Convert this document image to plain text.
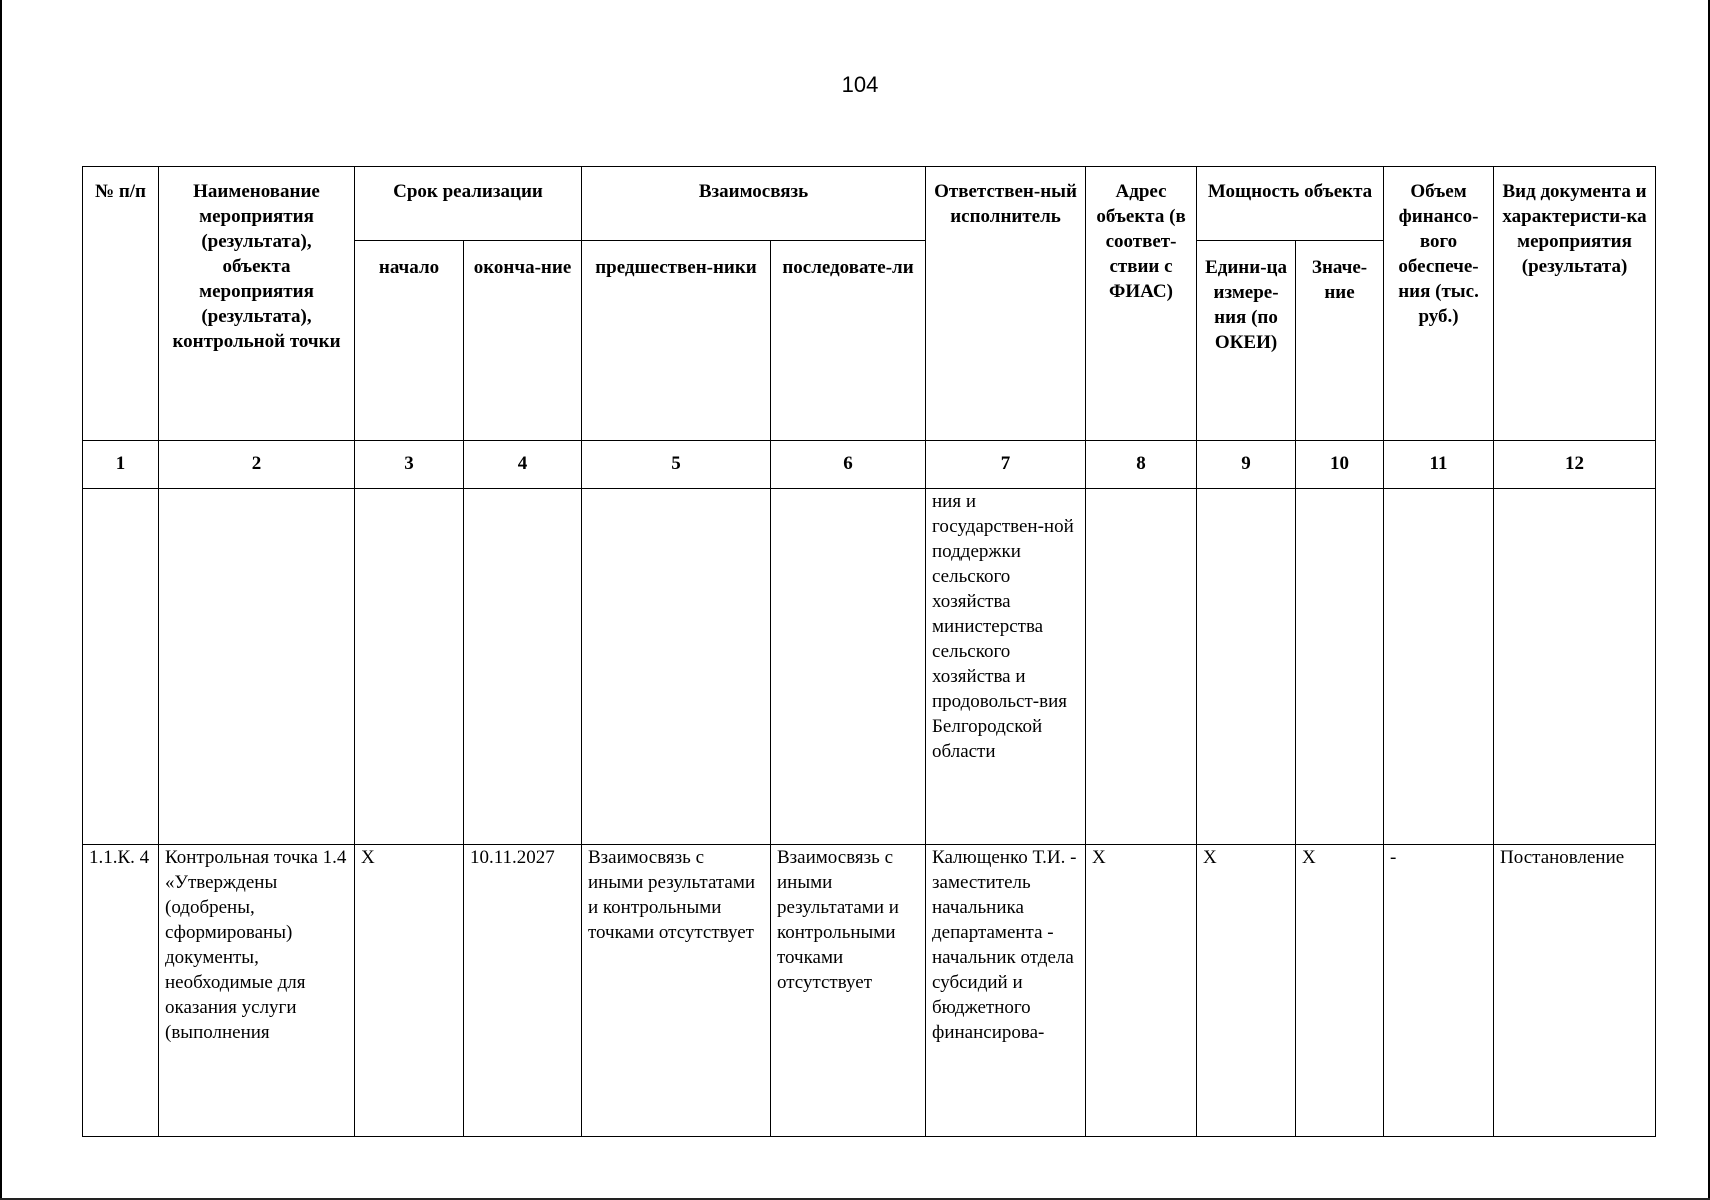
104
№ п/п	Наименование мероприятия (результата), объекта мероприятия (результата), контрольной точки	Срок реализации		Взаимосвязь		Ответствен-ный исполнитель	Адрес объекта (в соответ-ствии с ФИАС)	Мощность объекта		Объем финансо-вого обеспече-ния (тыс. руб.)	Вид документа и характеристи-ка мероприятия (результата)
		начало	оконча-ние	предшествен-ники	последовате-ли			Едини-ца измере-ния (по ОКЕИ)	Значе-ние		
1	2	3	4	5	6	7	8	9	10	11	12
						ния и государствен-ной поддержки сельского хозяйства министерства сельского хозяйства и продовольст-вия Белгородской области					
1.1.К. 4	Контрольная точка 1.4 «Утверждены (одобрены, сформированы) документы, необходимые для оказания услуги (выполнения	Х	10.11.2027	Взаимосвязь с иными результатами и контрольными точками отсутствует	Взаимосвязь с иными результатами и контрольными точками отсутствует	Калющенко Т.И. - заместитель начальника департамента - начальник отдела субсидий и бюджетного финансирова-	Х	Х	Х	-	Постановление
